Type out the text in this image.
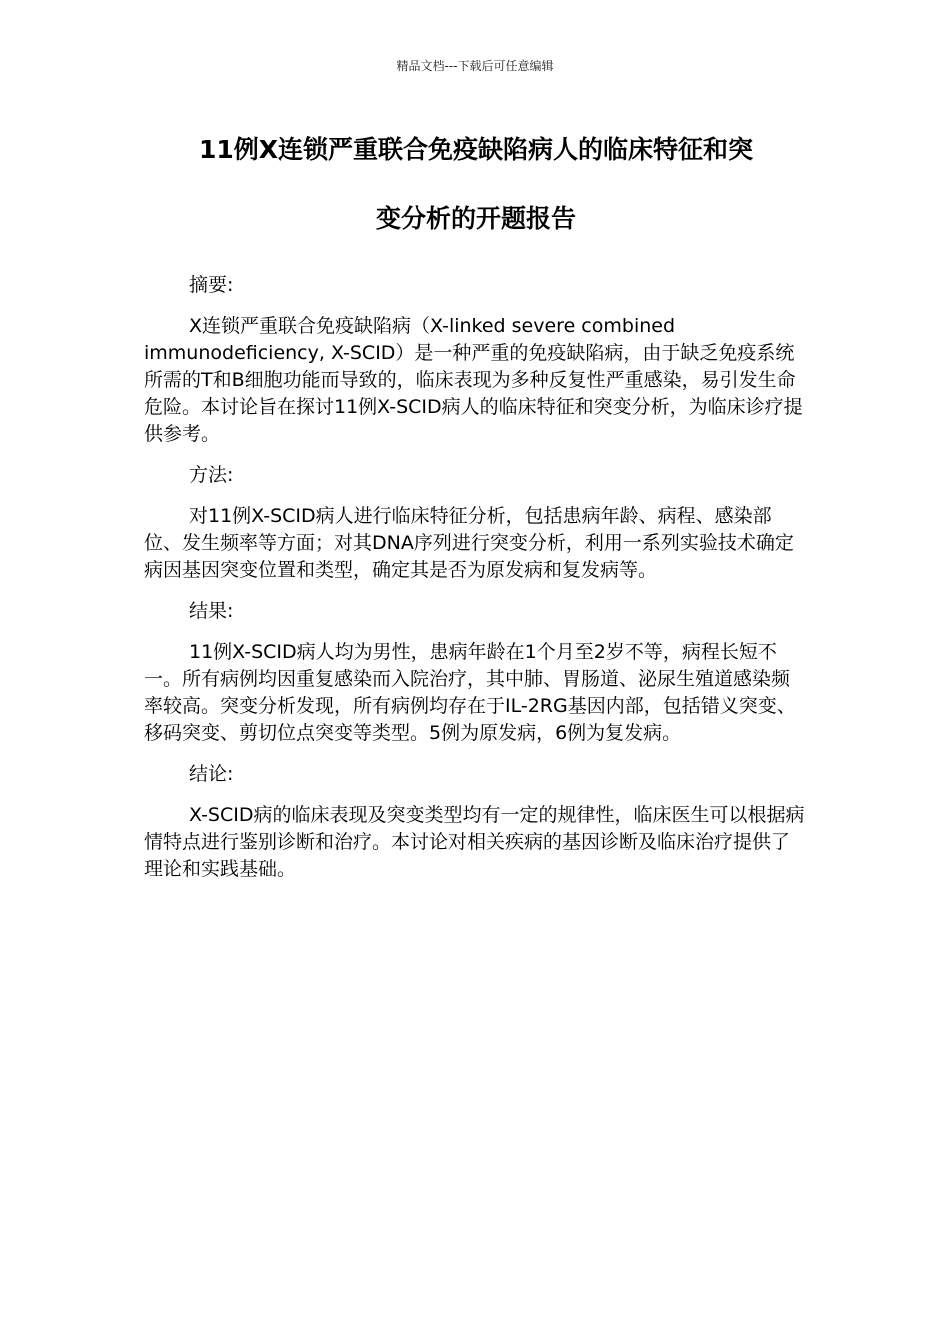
精品文档---下载后可任意编辑
11例X连锁严重联合免疫缺陷病人的临床特征和突
变分析的开题报告

摘要:

X连锁严重联合免疫缺陷病（X-linked severe combined immunodeficiency, X-SCID）是一种严重的免疫缺陷病，由于缺乏免疫系统所需的T和B细胞功能而导致的，临床表现为多种反复性严重感染，易引发生命危险。本讨论旨在探讨11例X-SCID病人的临床特征和突变分析，为临床诊疗提供参考。

方法:

对11例X-SCID病人进行临床特征分析，包括患病年龄、病程、感染部位、发生频率等方面；对其DNA序列进行突变分析，利用一系列实验技术确定病因基因突变位置和类型，确定其是否为原发病和复发病等。

结果:

11例X-SCID病人均为男性，患病年龄在1个月至2岁不等，病程长短不一。所有病例均因重复感染而入院治疗，其中肺、胃肠道、泌尿生殖道感染频率较高。突变分析发现，所有病例均存在于IL-2RG基因内部，包括错义突变、移码突变、剪切位点突变等类型。5例为原发病，6例为复发病。

结论:

X-SCID病的临床表现及突变类型均有一定的规律性，临床医生可以根据病情特点进行鉴别诊断和治疗。本讨论对相关疾病的基因诊断及临床治疗提供了理论和实践基础。
